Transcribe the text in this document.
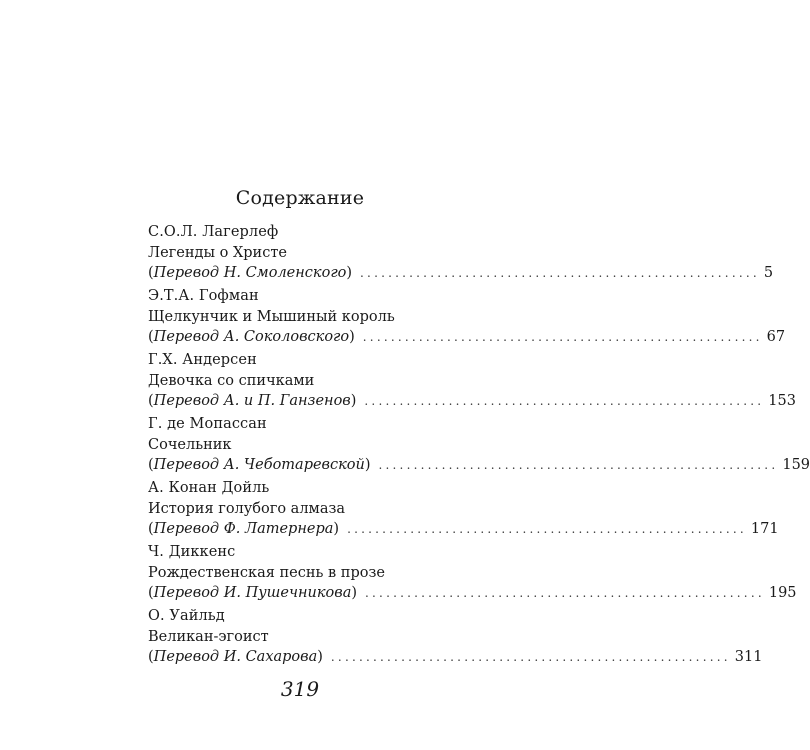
Содержание
С.О.Л. Лагерлеф
Легенды о Христе
(Перевод Н. Смоленского) ......................................................... 5
Э.Т.А. Гофман
Щелкунчик и Мышиный король
(Перевод А. Соколовского) ......................................................... 67
Г.Х. Андерсен
Девочка со спичками
(Перевод А. и П. Ганзенов) ......................................................... 153
Г. де Мопассан
Сочельник
(Перевод А. Чеботаревской) ......................................................... 159
А. Конан Дойль
История голубого алмаза
(Перевод Ф. Латернера) ......................................................... 171
Ч. Диккенс
Рождественская песнь в прозе
(Перевод И. Пушечникова) ......................................................... 195
О. Уайльд
Великан-эгоист
(Перевод И. Сахарова) ......................................................... 311
319
